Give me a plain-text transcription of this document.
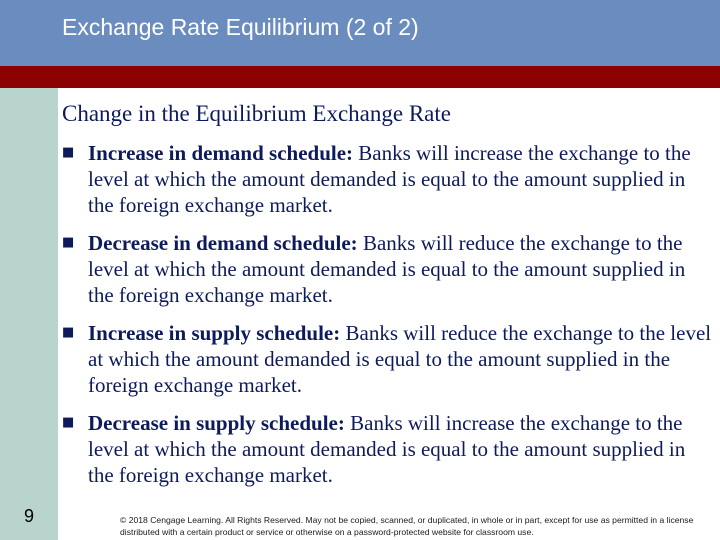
Exchange Rate Equilibrium (2 of 2)
Change in the Equilibrium Exchange Rate
■ Increase in demand schedule: Banks will increase the exchange to the level at which the amount demanded is equal to the amount supplied in the foreign exchange market.
■ Decrease in demand schedule: Banks will reduce the exchange to the level at which the amount demanded is equal to the amount supplied in the foreign exchange market.
■ Increase in supply schedule: Banks will reduce the exchange to the level at which the amount demanded is equal to the amount supplied in the foreign exchange market.
■ Decrease in supply schedule: Banks will increase the exchange to the level at which the amount demanded is equal to the amount supplied in the foreign exchange market.
9	© 2018 Cengage Learning. All Rights Reserved. May not be copied, scanned, or duplicated, in whole or in part, except for use as permitted in a license distributed with a certain product or service or otherwise on a password-protected website for classroom use.
